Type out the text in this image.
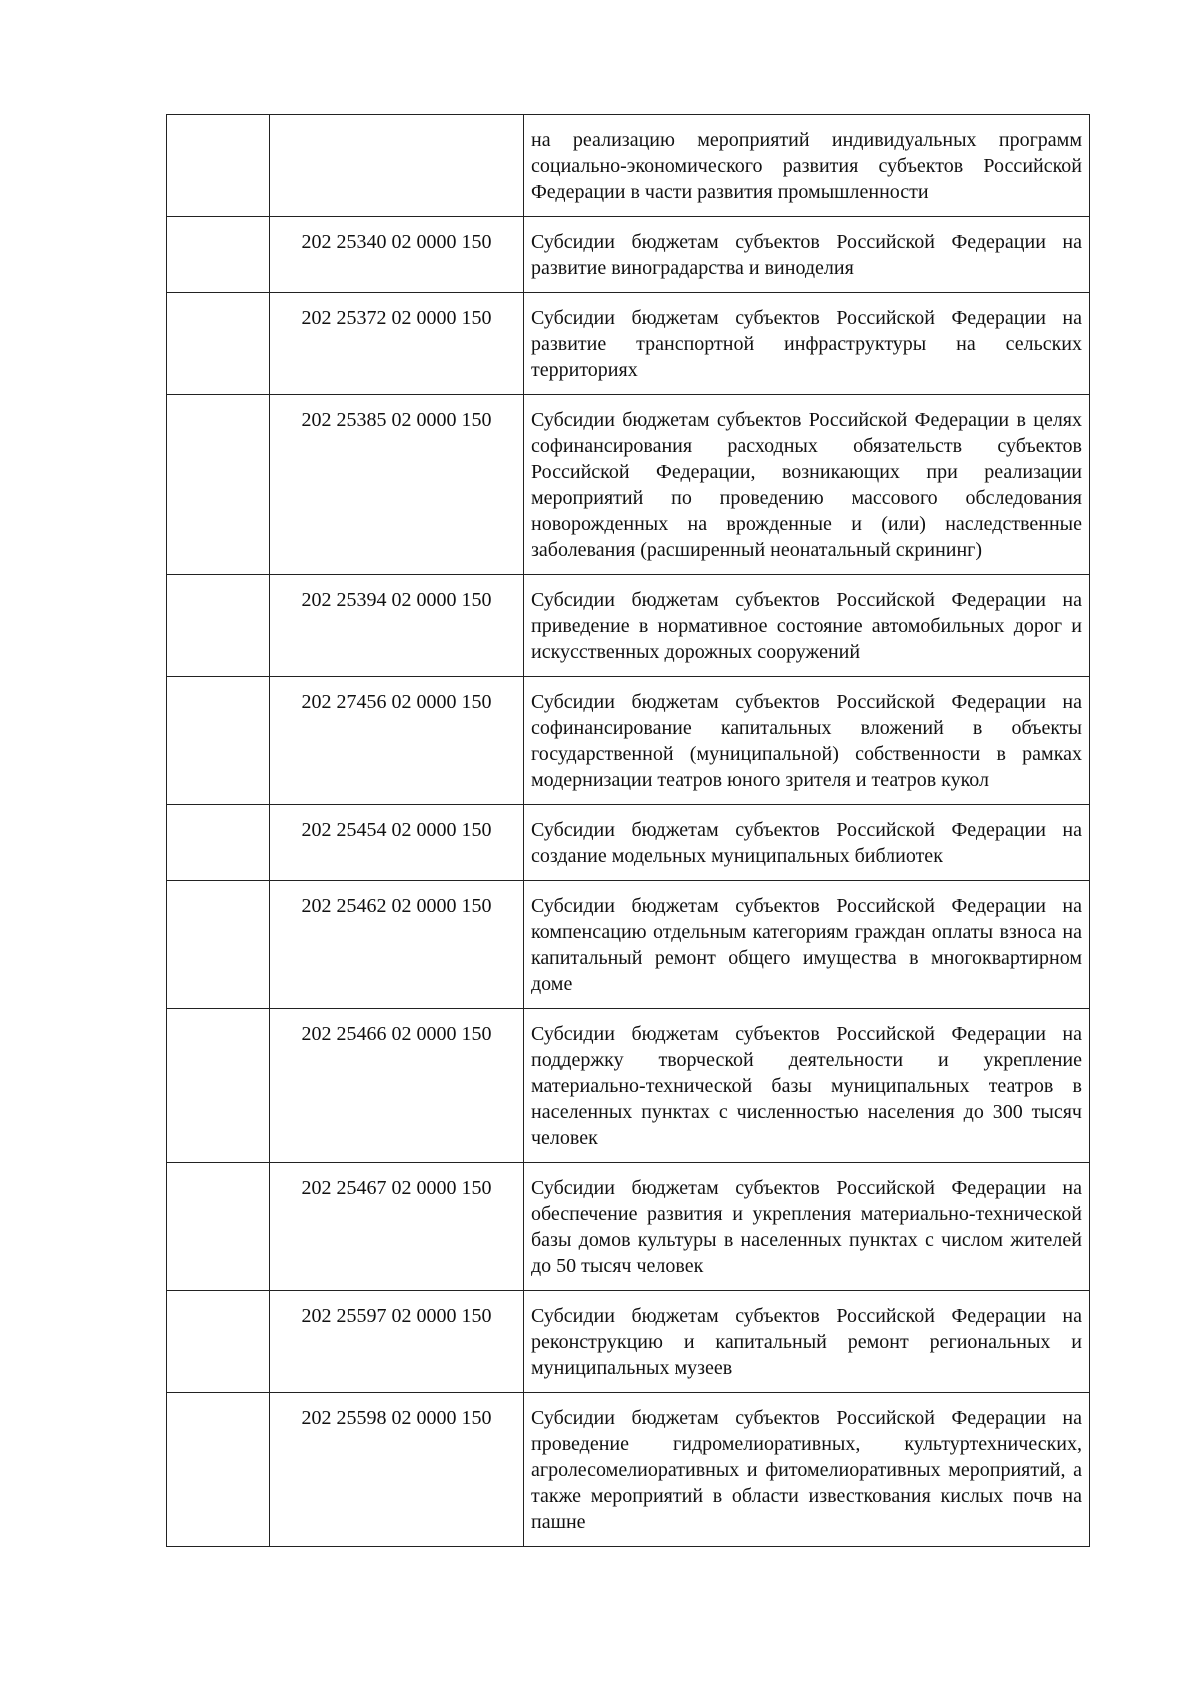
		на реализацию мероприятий индивидуальных программ социально-экономического развития субъектов Российской Федерации в части развития промышленности
	202 25340 02 0000 150	Субсидии бюджетам субъектов Российской Федерации на развитие виноградарства и виноделия
	202 25372 02 0000 150	Субсидии бюджетам субъектов Российской Федерации на развитие транспортной инфраструктуры на сельских территориях
	202 25385 02 0000 150	Субсидии бюджетам субъектов Российской Федерации в целях софинансирования расходных обязательств субъектов Российской Федерации, возникающих при реализации мероприятий по проведению массового обследования новорожденных на врожденные и (или) наследственные заболевания (расширенный неонатальный скрининг)
	202 25394 02 0000 150	Субсидии бюджетам субъектов Российской Федерации на приведение в нормативное состояние автомобильных дорог и искусственных дорожных сооружений
	202 27456 02 0000 150	Субсидии бюджетам субъектов Российской Федерации на софинансирование капитальных вложений в объекты государственной (муниципальной) собственности в рамках модернизации театров юного зрителя и театров кукол
	202 25454 02 0000 150	Субсидии бюджетам субъектов Российской Федерации на создание модельных муниципальных библиотек
	202 25462 02 0000 150	Субсидии бюджетам субъектов Российской Федерации на компенсацию отдельным категориям граждан оплаты взноса на капитальный ремонт общего имущества в многоквартирном доме
	202 25466 02 0000 150	Субсидии бюджетам субъектов Российской Федерации на поддержку творческой деятельности и укрепление материально-технической базы муниципальных театров в населенных пунктах с численностью населения до 300 тысяч человек
	202 25467 02 0000 150	Субсидии бюджетам субъектов Российской Федерации на обеспечение развития и укрепления материально-технической базы домов культуры в населенных пунктах с числом жителей до 50 тысяч человек
	202 25597 02 0000 150	Субсидии бюджетам субъектов Российской Федерации на реконструкцию и капитальный ремонт региональных и муниципальных музеев
	202 25598 02 0000 150	Субсидии бюджетам субъектов Российской Федерации на проведение гидромелиоративных, культуртехнических, агролесомелиоративных и фитомелиоративных мероприятий, а также мероприятий в области известкования кислых почв на пашне
